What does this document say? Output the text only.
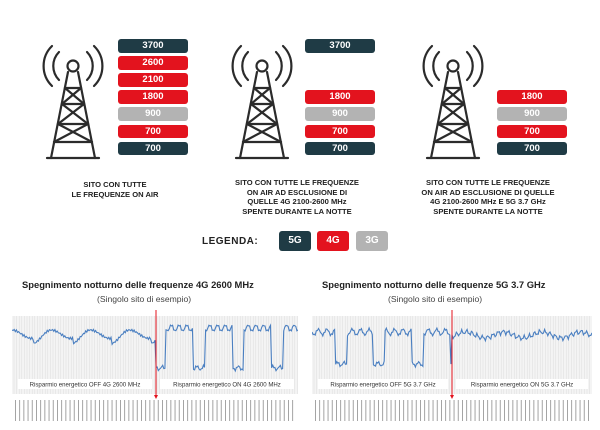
3700
2600
2100
1800
900
700
700
SITO CON TUTTE
LE FREQUENZE ON AIR
3700
1800
900
700
700
SITO CON TUTTE LE FREQUENZE
ON AIR AD ESCLUSIONE DI
QUELLE 4G 2100-2600 MHz
SPENTE DURANTE LA NOTTE
1800
900
700
700
SITO CON TUTTE LE FREQUENZE
ON AIR AD ESCLUSIONE DI QUELLE
4G 2100-2600 MHz E 5G 3.7 GHz
SPENTE DURANTE LA NOTTE
LEGENDA:	5G	4G	3G
Spegnimento notturno delle frequenze 4G 2600 MHz
(Singolo sito di esempio)
Spegnimento notturno delle frequenze 5G 3.7 GHz
(Singolo sito di esempio)
Risparmio energetico OFF 4G 2600 MHz	Risparmio energetico ON 4G 2600 MHz	Risparmio energetico OFF 5G 3.7 GHz	Risparmio energetico ON 5G 3.7 GHz
